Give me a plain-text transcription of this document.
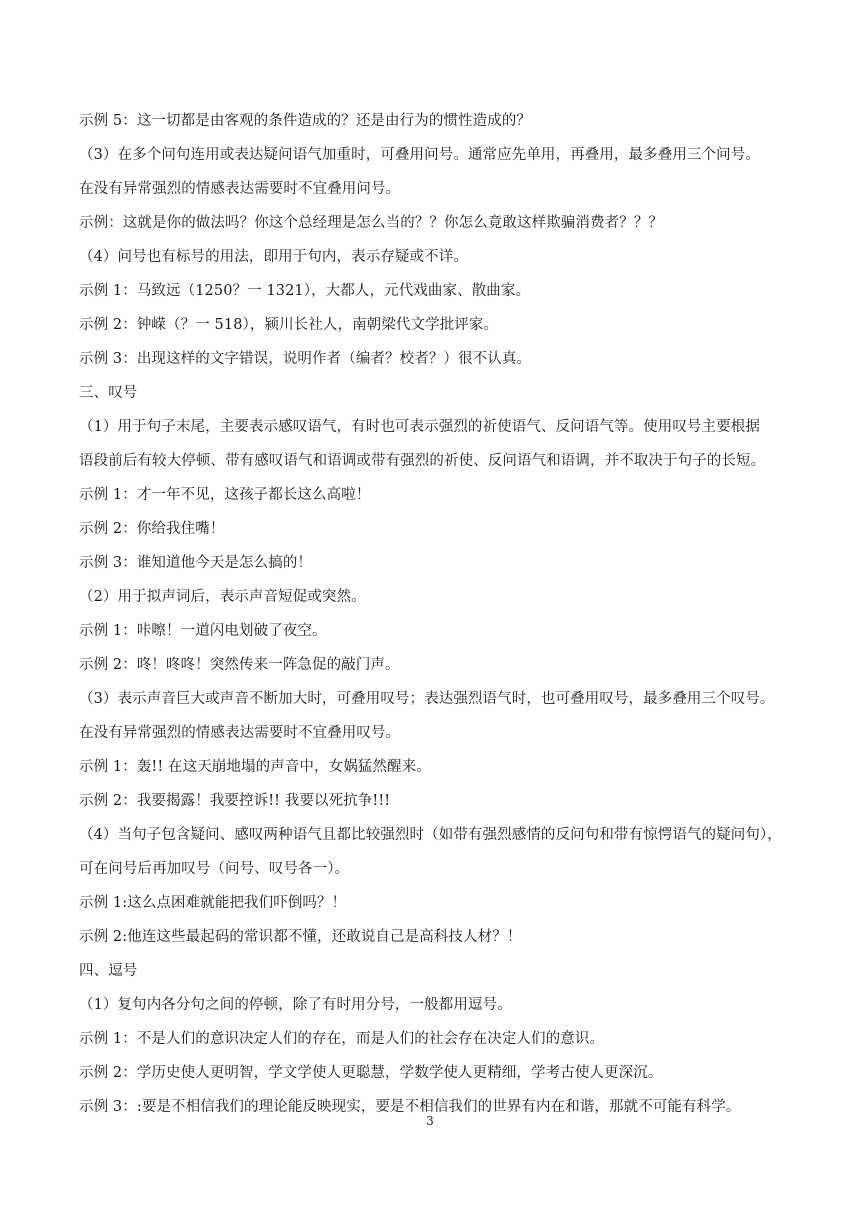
示例 5：这一切都是由客观的条件造成的？还是由行为的惯性造成的？
（3）在多个问句连用或表达疑问语气加重时，可叠用问号。通常应先单用，再叠用，最多叠用三个问号。
在没有异常强烈的情感表达需要时不宜叠用问号。
示例：这就是你的做法吗？你这个总经理是怎么当的？？你怎么竟敢这样欺骗消费者？？？
（4）问号也有标号的用法，即用于句内，表示存疑或不详。
示例 1：马致远（1250？一 1321），大都人，元代戏曲家、散曲家。
示例 2：钟嵘（？一 518），颍川长社人，南朝梁代文学批评家。
示例 3：出现这样的文字错误，说明作者（编者？校者？）很不认真。
三、叹号
（1）用于句子末尾，主要表示感叹语气，有时也可表示强烈的祈使语气、反问语气等。使用叹号主要根据
语段前后有较大停顿、带有感叹语气和语调或带有强烈的祈使、反问语气和语调，并不取决于句子的长短。
示例 1：才一年不见，这孩子都长这么高啦！
示例 2：你给我住嘴！
示例 3：谁知道他今天是怎么搞的！
（2）用于拟声词后，表示声音短促或突然。
示例 1：咔嚓！一道闪电划破了夜空。
示例 2：咚！咚咚！突然传来一阵急促的敲门声。
（3）表示声音巨大或声音不断加大时，可叠用叹号；表达强烈语气时，也可叠用叹号，最多叠用三个叹号。
在没有异常强烈的情感表达需要时不宜叠用叹号。
示例 1：轰!! 在这天崩地塌的声音中，女娲猛然醒来。
示例 2：我要揭露！我要控诉!! 我要以死抗争!!!
（4）当句子包含疑问、感叹两种语气且都比较强烈时（如带有强烈感情的反问句和带有惊愕语气的疑问句），
可在问号后再加叹号（问号、叹号各一）。
示例 1:这么点困难就能把我们吓倒吗？！
示例 2:他连这些最起码的常识都不懂，还敢说自己是高科技人材？！
四、逗号
（1）复句内各分句之间的停顿，除了有时用分号，一般都用逗号。
示例 1：不是人们的意识决定人们的存在，而是人们的社会存在决定人们的意识。
示例 2：学历史使人更明智，学文学使人更聪慧，学数学使人更精细，学考古使人更深沉。
示例 3：:要是不相信我们的理论能反映现实，要是不相信我们的世界有内在和谐，那就不可能有科学。
3
